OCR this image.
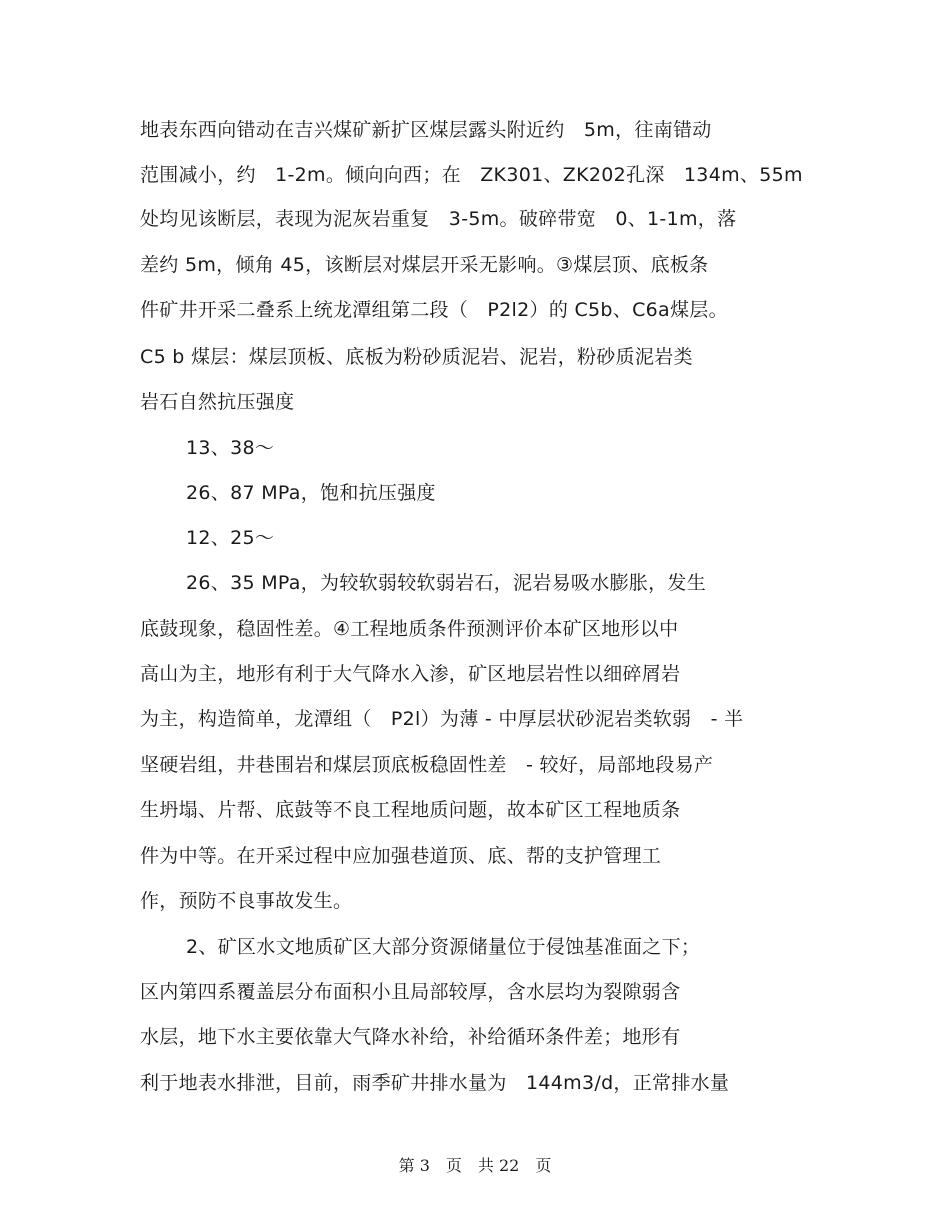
地表东西向错动在吉兴煤矿新扩区煤层露头附近约　5m，往南错动
范围减小，约　1-2m。倾向向西；在　ZK301、ZK202孔深　134m、55m
处均见该断层，表现为泥灰岩重复　3-5m。破碎带宽　0、1-1m，落
差约 5m，倾角 45，该断层对煤层开采无影响。③煤层顶、底板条
件矿井开采二叠系上统龙潭组第二段（　P2l2）的 C5b、C6a煤层。
C5 b 煤层：煤层顶板、底板为粉砂质泥岩、泥岩，粉砂质泥岩类
岩石自然抗压强度
13、38～
26、87 MPa，饱和抗压强度
12、25～
26、35 MPa，为较软弱较软弱岩石，泥岩易吸水膨胀，发生
底鼓现象，稳固性差。④工程地质条件预测评价本矿区地形以中
高山为主，地形有利于大气降水入渗，矿区地层岩性以细碎屑岩
为主，构造简单，龙潭组（　P2l）为薄 - 中厚层状砂泥岩类软弱　- 半
坚硬岩组，井巷围岩和煤层顶底板稳固性差　- 较好，局部地段易产
生坍塌、片帮、底鼓等不良工程地质问题，故本矿区工程地质条
件为中等。在开采过程中应加强巷道顶、底、帮的支护管理工
作，预防不良事故发生。
2、矿区水文地质矿区大部分资源储量位于侵蚀基准面之下；
区内第四系覆盖层分布面积小且局部较厚，含水层均为裂隙弱含
水层，地下水主要依靠大气降水补给，补给循环条件差；地形有
利于地表水排泄，目前，雨季矿井排水量为　144m3/d，正常排水量
第 3　页　共 22　页
